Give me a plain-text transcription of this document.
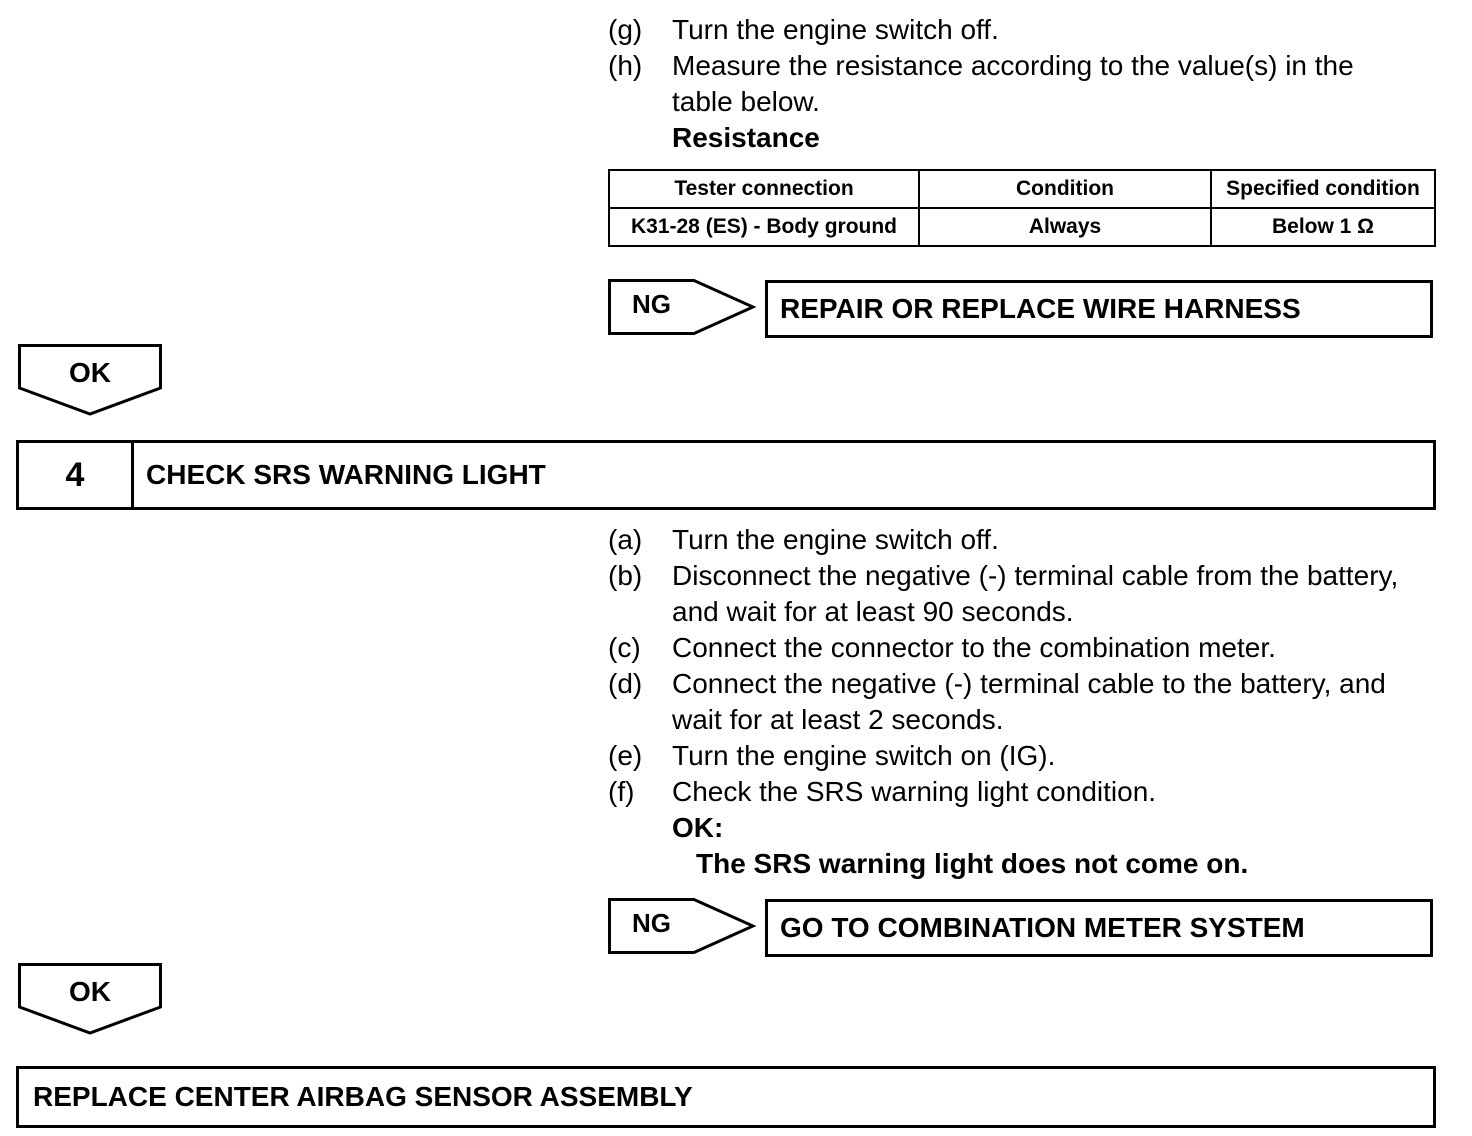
(g)	Turn the engine switch off.
(h)	Measure the resistance according to the value(s) in the table below.
Resistance
Tester connection	Condition	Specified condition
K31-28 (ES) - Body ground	Always	Below 1 Ω
NG	REPAIR OR REPLACE WIRE HARNESS
OK
4	CHECK SRS WARNING LIGHT
(a)	Turn the engine switch off.
(b)	Disconnect the negative (-) terminal cable from the battery, and wait for at least 90 seconds.
(c)	Connect the connector to the combination meter.
(d)	Connect the negative (-) terminal cable to the battery, and wait for at least 2 seconds.
(e)	Turn the engine switch on (IG).
(f)	Check the SRS warning light condition.
OK:
The SRS warning light does not come on.
NG	GO TO COMBINATION METER SYSTEM
OK
REPLACE CENTER AIRBAG SENSOR ASSEMBLY
